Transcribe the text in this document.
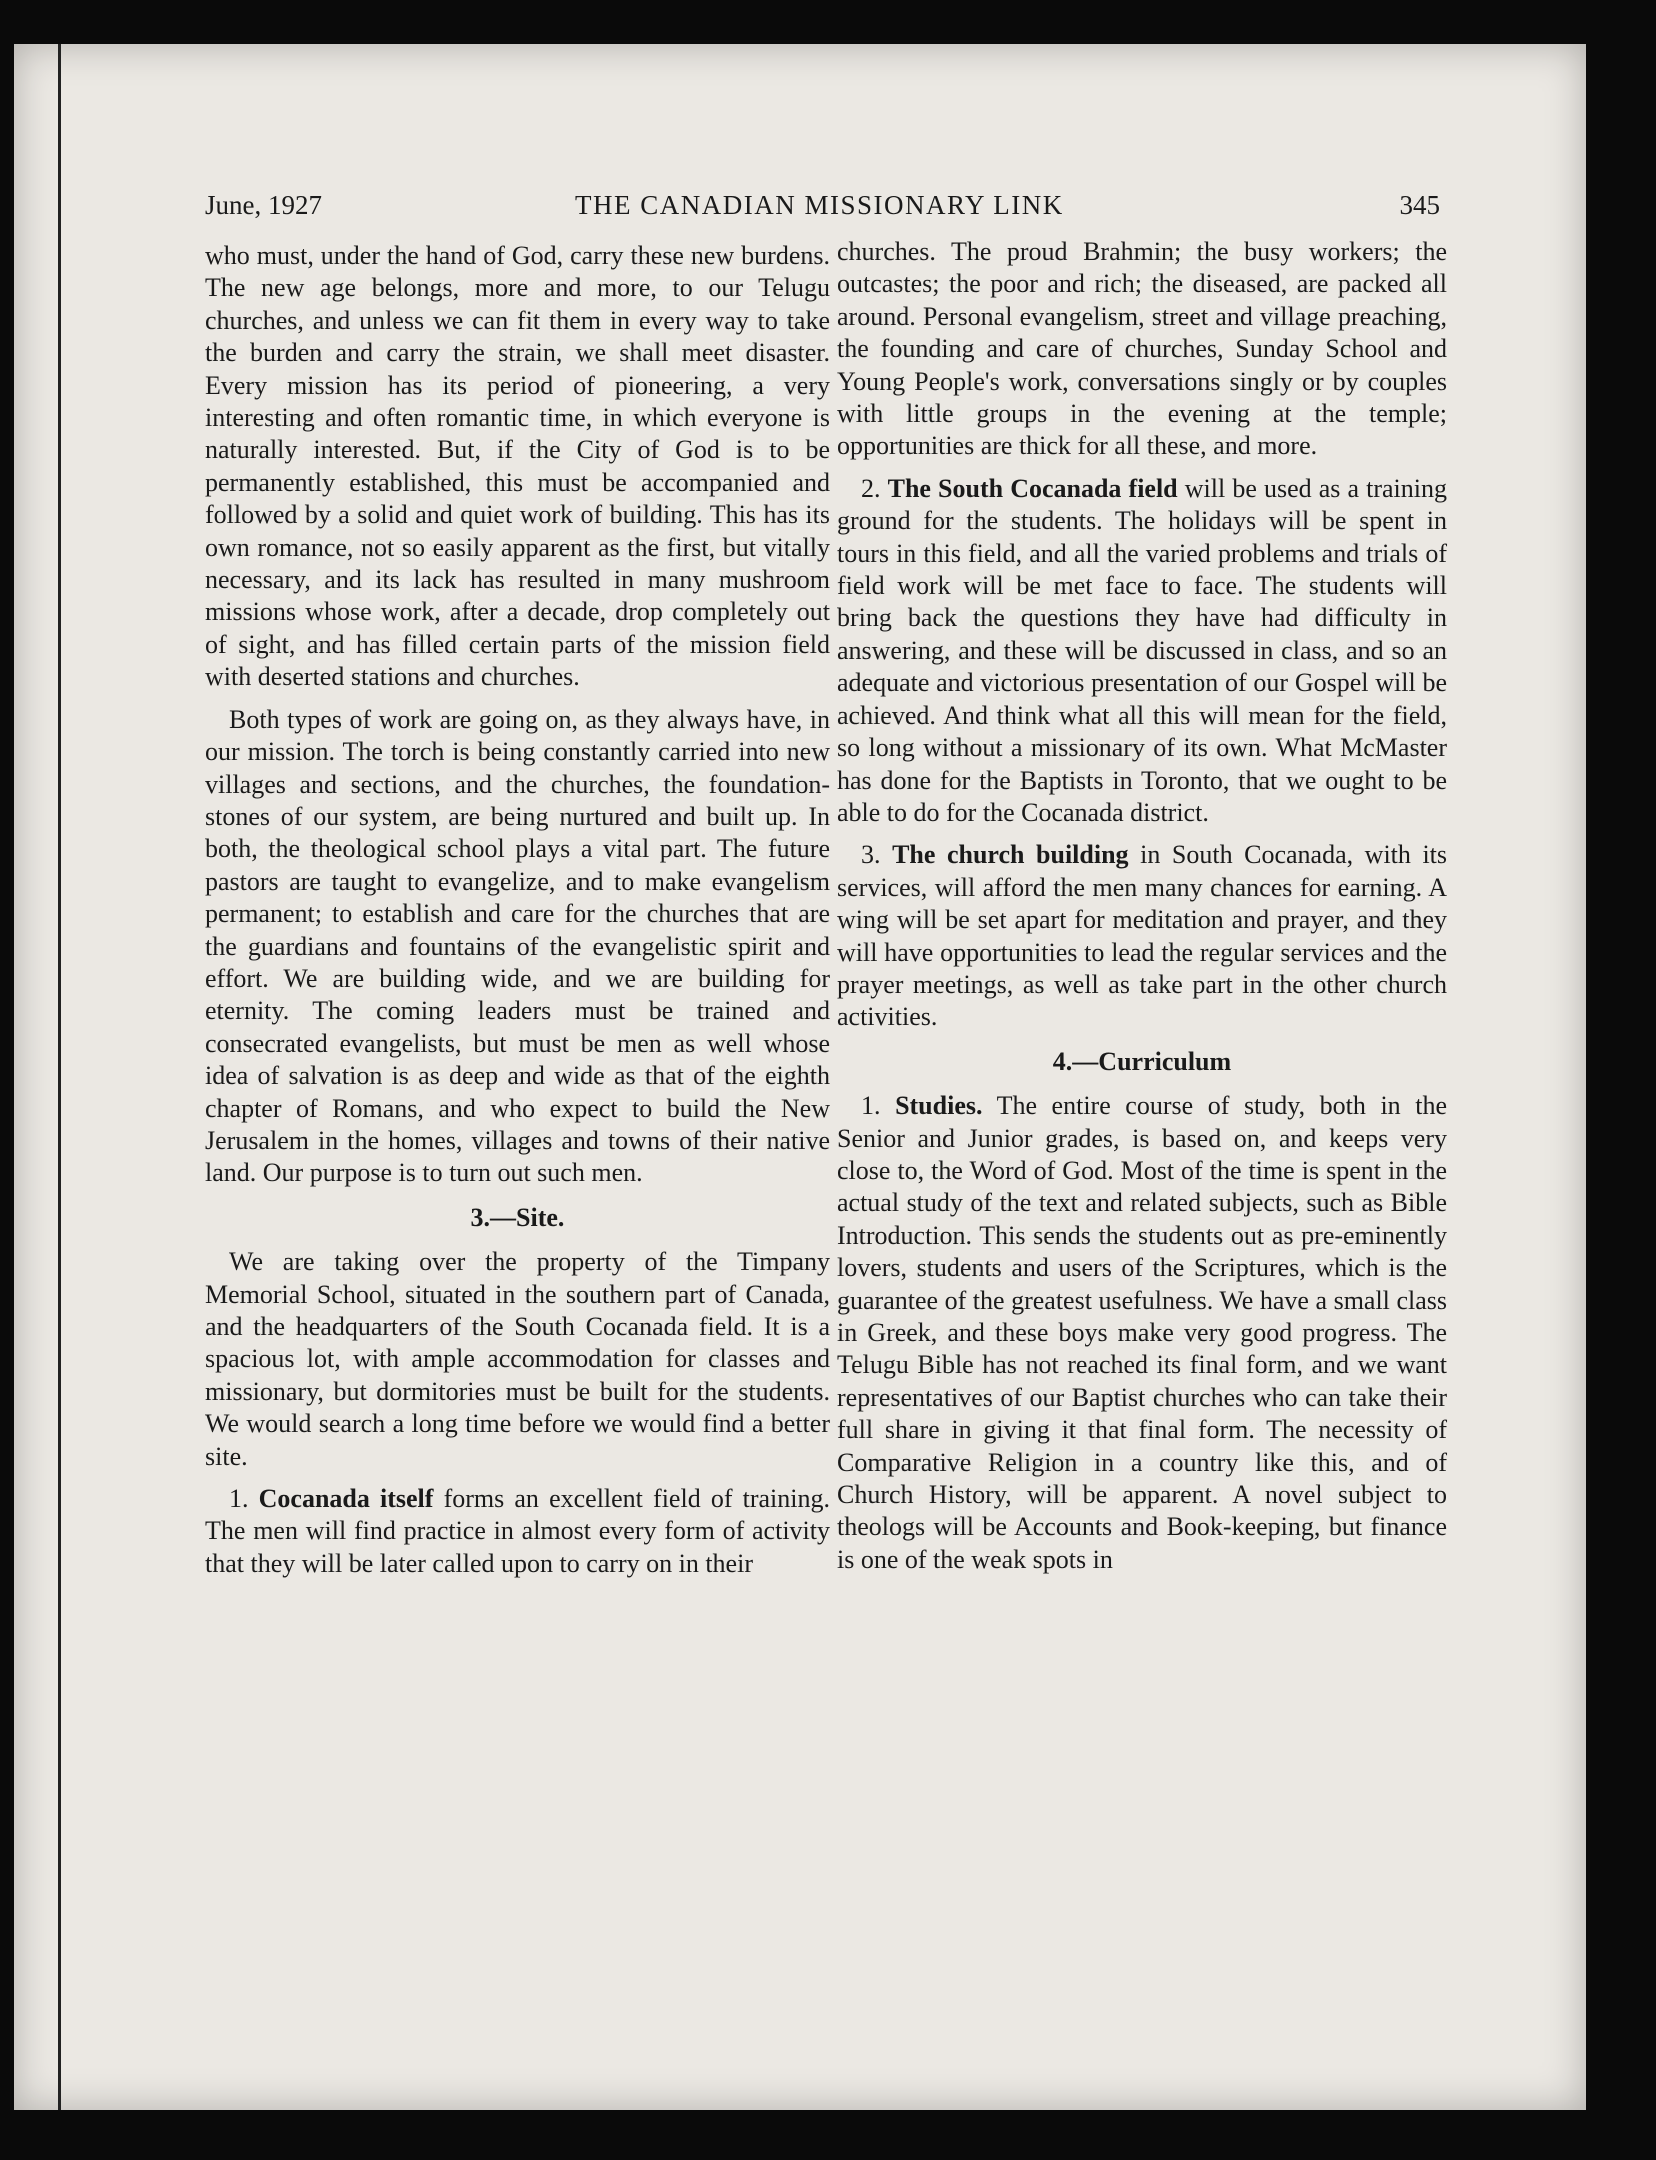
June, 1927	THE CANADIAN MISSIONARY LINK	345

who must, under the hand of God, carry these new burdens. The new age belongs, more and more, to our Telugu churches, and unless we can fit them in every way to take the burden and carry the strain, we shall meet disaster. Every mission has its period of pioneering, a very interesting and often romantic time, in which everyone is naturally interested. But, if the City of God is to be permanently established, this must be accompanied and followed by a solid and quiet work of building. This has its own romance, not so easily apparent as the first, but vitally necessary, and its lack has resulted in many mushroom missions whose work, after a decade, drop completely out of sight, and has filled certain parts of the mission field with deserted stations and churches.

Both types of work are going on, as they always have, in our mission. The torch is being constantly carried into new villages and sections, and the churches, the foundation-stones of our system, are being nurtured and built up. In both, the theological school plays a vital part. The future pastors are taught to evangelize, and to make evangelism permanent; to establish and care for the churches that are the guardians and fountains of the evangelistic spirit and effort. We are building wide, and we are building for eternity. The coming leaders must be trained and consecrated evangelists, but must be men as well whose idea of salvation is as deep and wide as that of the eighth chapter of Romans, and who expect to build the New Jerusalem in the homes, villages and towns of their native land. Our purpose is to turn out such men.

3.—Site.

We are taking over the property of the Timpany Memorial School, situated in the southern part of Canada, and the headquarters of the South Cocanada field. It is a spacious lot, with ample accommodation for classes and missionary, but dormitories must be built for the students. We would search a long time before we would find a better site.

1. Cocanada itself forms an excellent field of training. The men will find practice in almost every form of activity that they will be later called upon to carry on in their

churches. The proud Brahmin; the busy workers; the outcastes; the poor and rich; the diseased, are packed all around. Personal evangelism, street and village preaching, the founding and care of churches, Sunday School and Young People's work, conversations singly or by couples with little groups in the evening at the temple; opportunities are thick for all these, and more.

2. The South Cocanada field will be used as a training ground for the students. The holidays will be spent in tours in this field, and all the varied problems and trials of field work will be met face to face. The students will bring back the questions they have had difficulty in answering, and these will be discussed in class, and so an adequate and victorious presentation of our Gospel will be achieved. And think what all this will mean for the field, so long without a missionary of its own. What McMaster has done for the Baptists in Toronto, that we ought to be able to do for the Cocanada district.

3. The church building in South Cocanada, with its services, will afford the men many chances for earning. A wing will be set apart for meditation and prayer, and they will have opportunities to lead the regular services and the prayer meetings, as well as take part in the other church activities.

4.—Curriculum

1. Studies. The entire course of study, both in the Senior and Junior grades, is based on, and keeps very close to, the Word of God. Most of the time is spent in the actual study of the text and related subjects, such as Bible Introduction. This sends the students out as pre-eminently lovers, students and users of the Scriptures, which is the guarantee of the greatest usefulness. We have a small class in Greek, and these boys make very good progress. The Telugu Bible has not reached its final form, and we want representatives of our Baptist churches who can take their full share in giving it that final form. The necessity of Comparative Religion in a country like this, and of Church History, will be apparent. A novel subject to theologs will be Accounts and Book-keeping, but finance is one of the weak spots in
